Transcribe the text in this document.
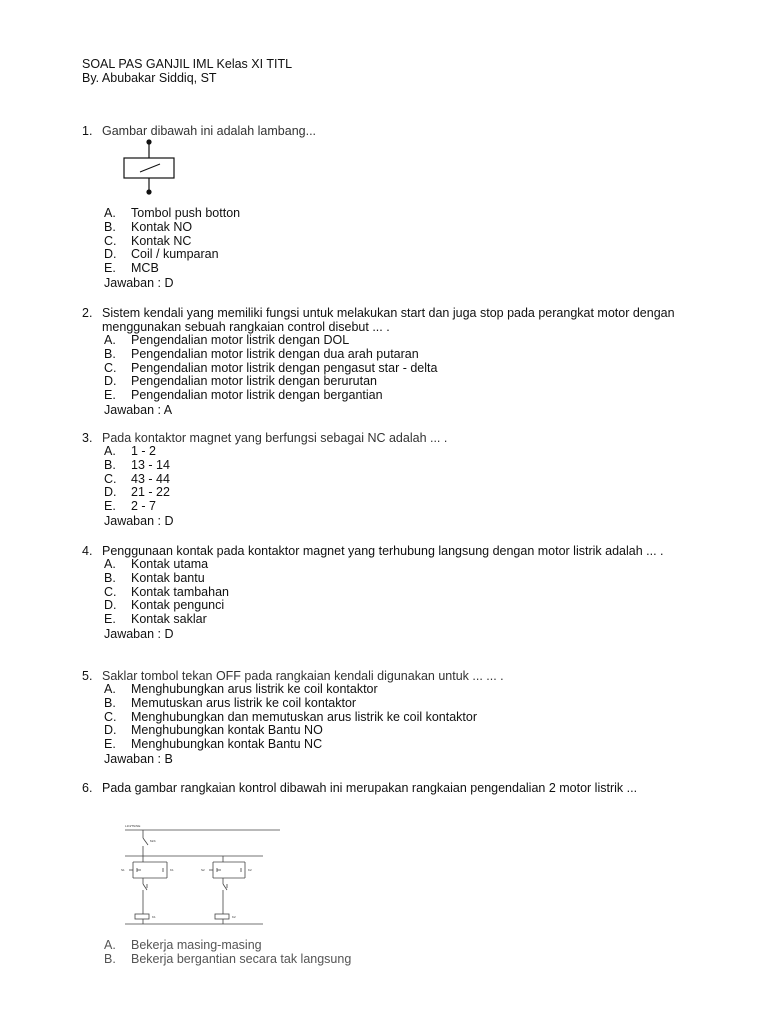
SOAL PAS GANJIL IML Kelas XI TITL
By. Abubakar Siddiq, ST
1. Gambar dibawah ini adalah lambang...
A. Tombol push botton
B. Kontak NO
C. Kontak NC
D. Coil / kumparan
E. MCB
Jawaban : D
2. Sistem kendali yang memiliki fungsi untuk melakukan start dan juga stop pada perangkat motor dengan menggunakan sebuah rangkaian control disebut ... .
A. Pengendalian motor listrik dengan DOL
B. Pengendalian motor listrik dengan dua arah putaran
C. Pengendalian motor listrik dengan pengasut star - delta
D. Pengendalian motor listrik dengan berurutan
E. Pengendalian motor listrik dengan bergantian
Jawaban : A
3. Pada kontaktor magnet yang berfungsi sebagai NC adalah ... .
A. 1 - 2
B. 13 - 14
C. 43 - 44
D. 21 - 22
E. 2 - 7
Jawaban : D
4. Penggunaan kontak pada kontaktor magnet yang terhubung langsung dengan motor listrik adalah ... .
A. Kontak utama
B. Kontak bantu
C. Kontak tambahan
D. Kontak pengunci
E. Kontak saklar
Jawaban : D
5. Saklar tombol tekan OFF pada rangkaian kendali digunakan untuk ... ... .
A. Menghubungkan arus listrik ke coil kontaktor
B. Memutuskan arus listrik ke coil kontaktor
C. Menghubungkan dan memutuskan arus listrik ke coil kontaktor
D. Menghubungkan kontak Bantu NO
E. Menghubungkan kontak Bantu NC
Jawaban : B
6. Pada gambar rangkaian kontrol dibawah ini merupakan rangkaian pengendalian 2 motor listrik ...
L1N/TN/NE
Mcb
S1	K1	S2	K2
K1	K2
A. Bekerja masing-masing
B. Bekerja bergantian secara tak langsung
